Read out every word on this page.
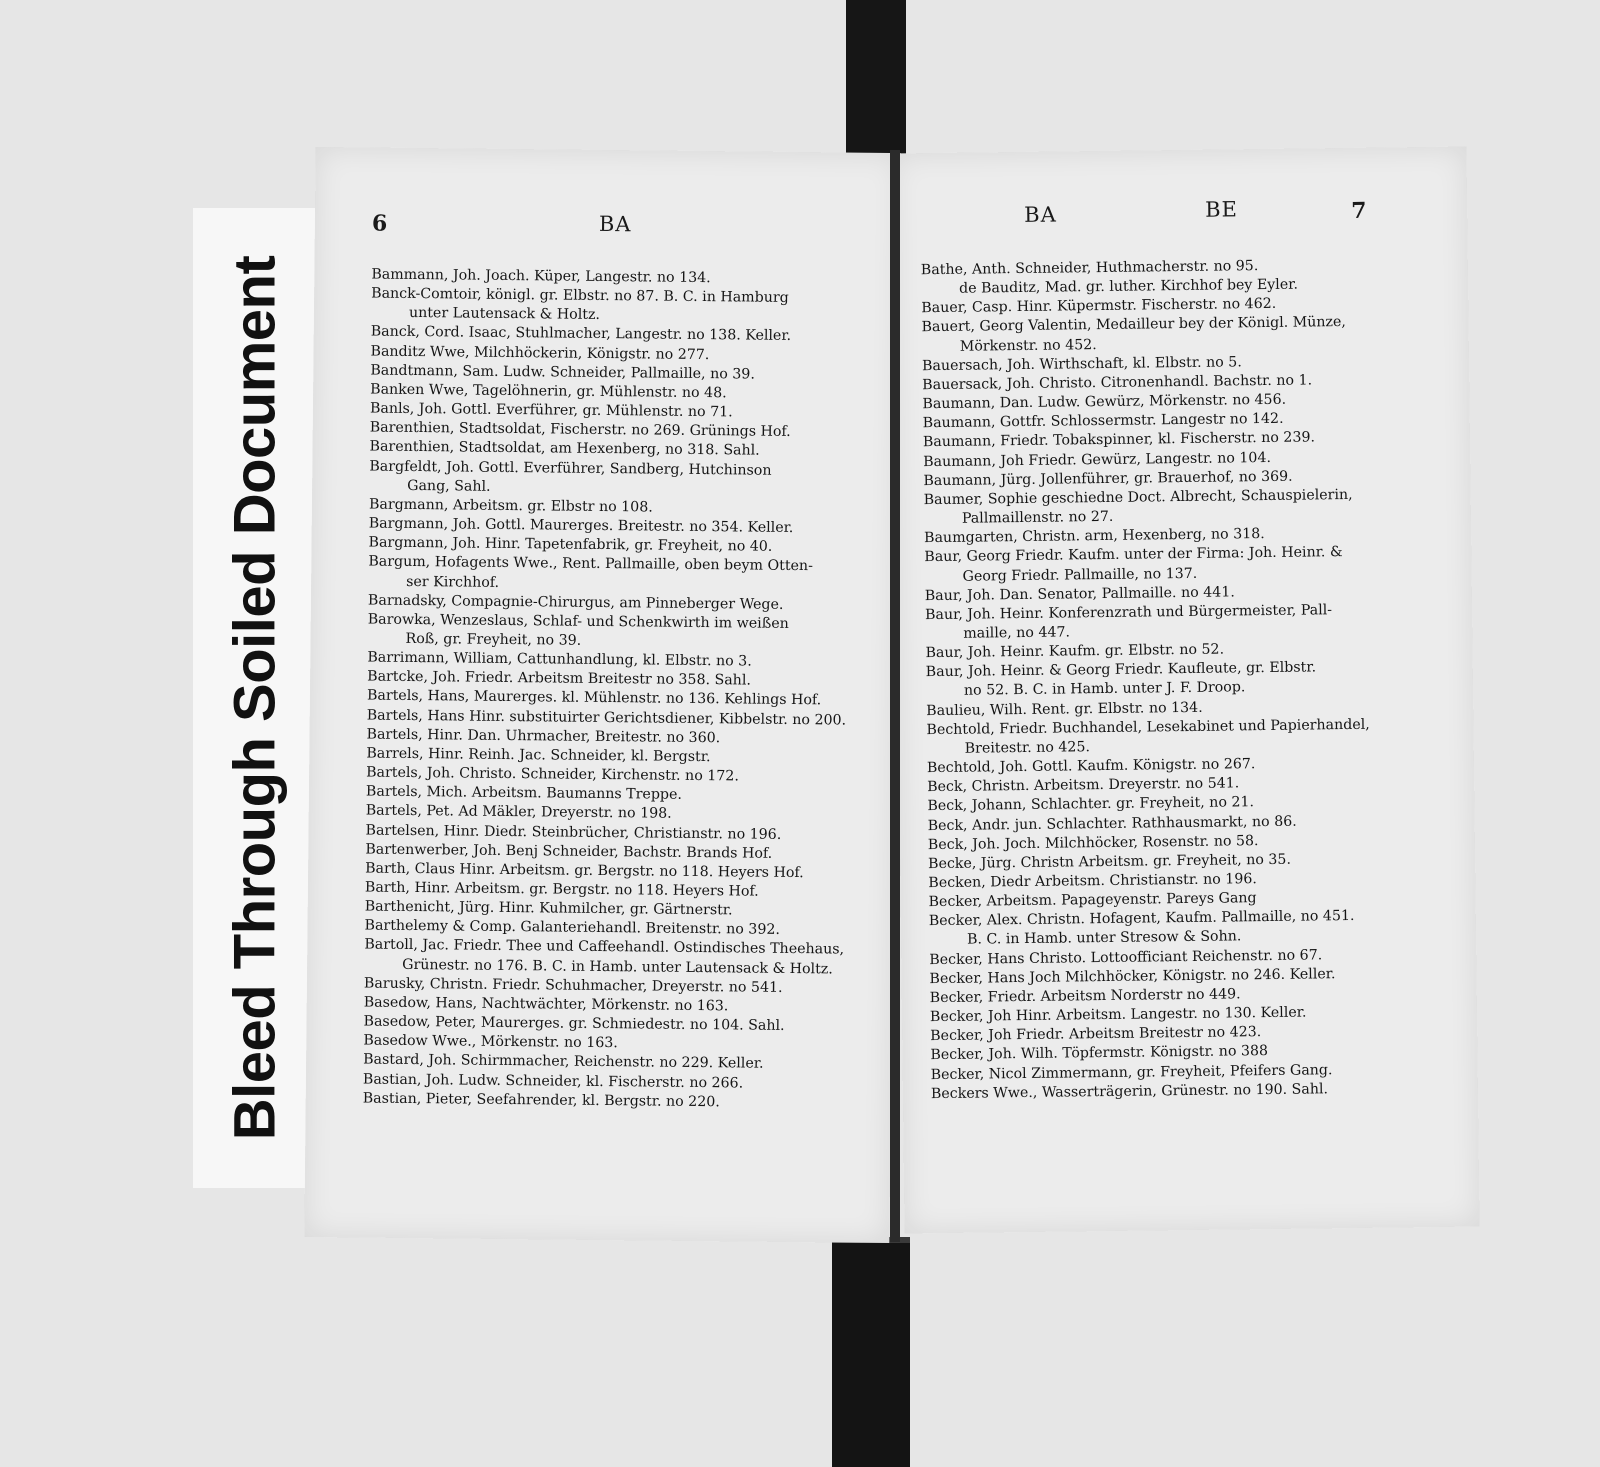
Bleed Through Soiled Document
6	BA
Bammann, Joh. Joach. Küper, Langestr. no 134.
Banck-Comtoir, königl. gr. Elbstr. no 87. B. C. in Hamburg
unter Lautensack & Holtz.
Banck, Cord. Isaac, Stuhlmacher, Langestr. no 138. Keller.
Banditz Wwe, Milchhöckerin, Königstr. no 277.
Bandtmann, Sam. Ludw. Schneider, Pallmaille, no 39.
Banken Wwe, Tagelöhnerin, gr. Mühlenstr. no 48.
Banls, Joh. Gottl. Everführer, gr. Mühlenstr. no 71.
Barenthien, Stadtsoldat, Fischerstr. no 269. Grünings Hof.
Barenthien, Stadtsoldat, am Hexenberg, no 318. Sahl.
Bargfeldt, Joh. Gottl. Everführer, Sandberg, Hutchinson
Gang, Sahl.
Bargmann, Arbeitsm. gr. Elbstr no 108.
Bargmann, Joh. Gottl. Maurerges. Breitestr. no 354. Keller.
Bargmann, Joh. Hinr. Tapetenfabrik, gr. Freyheit, no 40.
Bargum, Hofagents Wwe., Rent. Pallmaille, oben beym Otten-
ser Kirchhof.
Barnadsky, Compagnie-Chirurgus, am Pinneberger Wege.
Barowka, Wenzeslaus, Schlaf- und Schenkwirth im weißen
Roß, gr. Freyheit, no 39.
Barrimann, William, Cattunhandlung, kl. Elbstr. no 3.
Bartcke, Joh. Friedr. Arbeitsm Breitestr no 358. Sahl.
Bartels, Hans, Maurerges. kl. Mühlenstr. no 136. Kehlings Hof.
Bartels, Hans Hinr. substituirter Gerichtsdiener, Kibbelstr. no 200.
Bartels, Hinr. Dan. Uhrmacher, Breitestr. no 360.
Barrels, Hinr. Reinh. Jac. Schneider, kl. Bergstr.
Bartels, Joh. Christo. Schneider, Kirchenstr. no 172.
Bartels, Mich. Arbeitsm. Baumanns Treppe.
Bartels, Pet. Ad Mäkler, Dreyerstr. no 198.
Bartelsen, Hinr. Diedr. Steinbrücher, Christianstr. no 196.
Bartenwerber, Joh. Benj Schneider, Bachstr. Brands Hof.
Barth, Claus Hinr. Arbeitsm. gr. Bergstr. no 118. Heyers Hof.
Barth, Hinr. Arbeitsm. gr. Bergstr. no 118. Heyers Hof.
Barthenicht, Jürg. Hinr. Kuhmilcher, gr. Gärtnerstr.
Barthelemy & Comp. Galanteriehandl. Breitenstr. no 392.
Bartoll, Jac. Friedr. Thee und Caffeehandl. Ostindisches Theehaus,
Grünestr. no 176. B. C. in Hamb. unter Lautensack & Holtz.
Barusky, Christn. Friedr. Schuhmacher, Dreyerstr. no 541.
Basedow, Hans, Nachtwächter, Mörkenstr. no 163.
Basedow, Peter, Maurerges. gr. Schmiedestr. no 104. Sahl.
Basedow Wwe., Mörkenstr. no 163.
Bastard, Joh. Schirmmacher, Reichenstr. no 229. Keller.
Bastian, Joh. Ludw. Schneider, kl. Fischerstr. no 266.
Bastian, Pieter, Seefahrender, kl. Bergstr. no 220.
BA	BE	7
Bathe, Anth. Schneider, Huthmacherstr. no 95.
de Bauditz, Mad. gr. luther. Kirchhof bey Eyler.
Bauer, Casp. Hinr. Küpermstr. Fischerstr. no 462.
Bauert, Georg Valentin, Medailleur bey der Königl. Münze,
Mörkenstr. no 452.
Bauersach, Joh. Wirthschaft, kl. Elbstr. no 5.
Bauersack, Joh. Christo. Citronenhandl. Bachstr. no 1.
Baumann, Dan. Ludw. Gewürz, Mörkenstr. no 456.
Baumann, Gottfr. Schlossermstr. Langestr no 142.
Baumann, Friedr. Tobakspinner, kl. Fischerstr. no 239.
Baumann, Joh Friedr. Gewürz, Langestr. no 104.
Baumann, Jürg. Jollenführer, gr. Brauerhof, no 369.
Baumer, Sophie geschiedne Doct. Albrecht, Schauspielerin,
Pallmaillenstr. no 27.
Baumgarten, Christn. arm, Hexenberg, no 318.
Baur, Georg Friedr. Kaufm. unter der Firma: Joh. Heinr. &
Georg Friedr. Pallmaille, no 137.
Baur, Joh. Dan. Senator, Pallmaille. no 441.
Baur, Joh. Heinr. Konferenzrath und Bürgermeister, Pall-
maille, no 447.
Baur, Joh. Heinr. Kaufm. gr. Elbstr. no 52.
Baur, Joh. Heinr. & Georg Friedr. Kaufleute, gr. Elbstr.
no 52. B. C. in Hamb. unter J. F. Droop.
Baulieu, Wilh. Rent. gr. Elbstr. no 134.
Bechtold, Friedr. Buchhandel, Lesekabinet und Papierhandel,
Breitestr. no 425.
Bechtold, Joh. Gottl. Kaufm. Königstr. no 267.
Beck, Christn. Arbeitsm. Dreyerstr. no 541.
Beck, Johann, Schlachter. gr. Freyheit, no 21.
Beck, Andr. jun. Schlachter. Rathhausmarkt, no 86.
Beck, Joh. Joch. Milchhöcker, Rosenstr. no 58.
Becke, Jürg. Christn Arbeitsm. gr. Freyheit, no 35.
Becken, Diedr Arbeitsm. Christianstr. no 196.
Becker, Arbeitsm. Papageyenstr. Pareys Gang
Becker, Alex. Christn. Hofagent, Kaufm. Pallmaille, no 451.
B. C. in Hamb. unter Stresow & Sohn.
Becker, Hans Christo. Lottoofficiant Reichenstr. no 67.
Becker, Hans Joch Milchhöcker, Königstr. no 246. Keller.
Becker, Friedr. Arbeitsm Norderstr no 449.
Becker, Joh Hinr. Arbeitsm. Langestr. no 130. Keller.
Becker, Joh Friedr. Arbeitsm Breitestr no 423.
Becker, Joh. Wilh. Töpfermstr. Königstr. no 388
Becker, Nicol Zimmermann, gr. Freyheit, Pfeifers Gang.
Beckers Wwe., Wasserträgerin, Grünestr. no 190. Sahl.
